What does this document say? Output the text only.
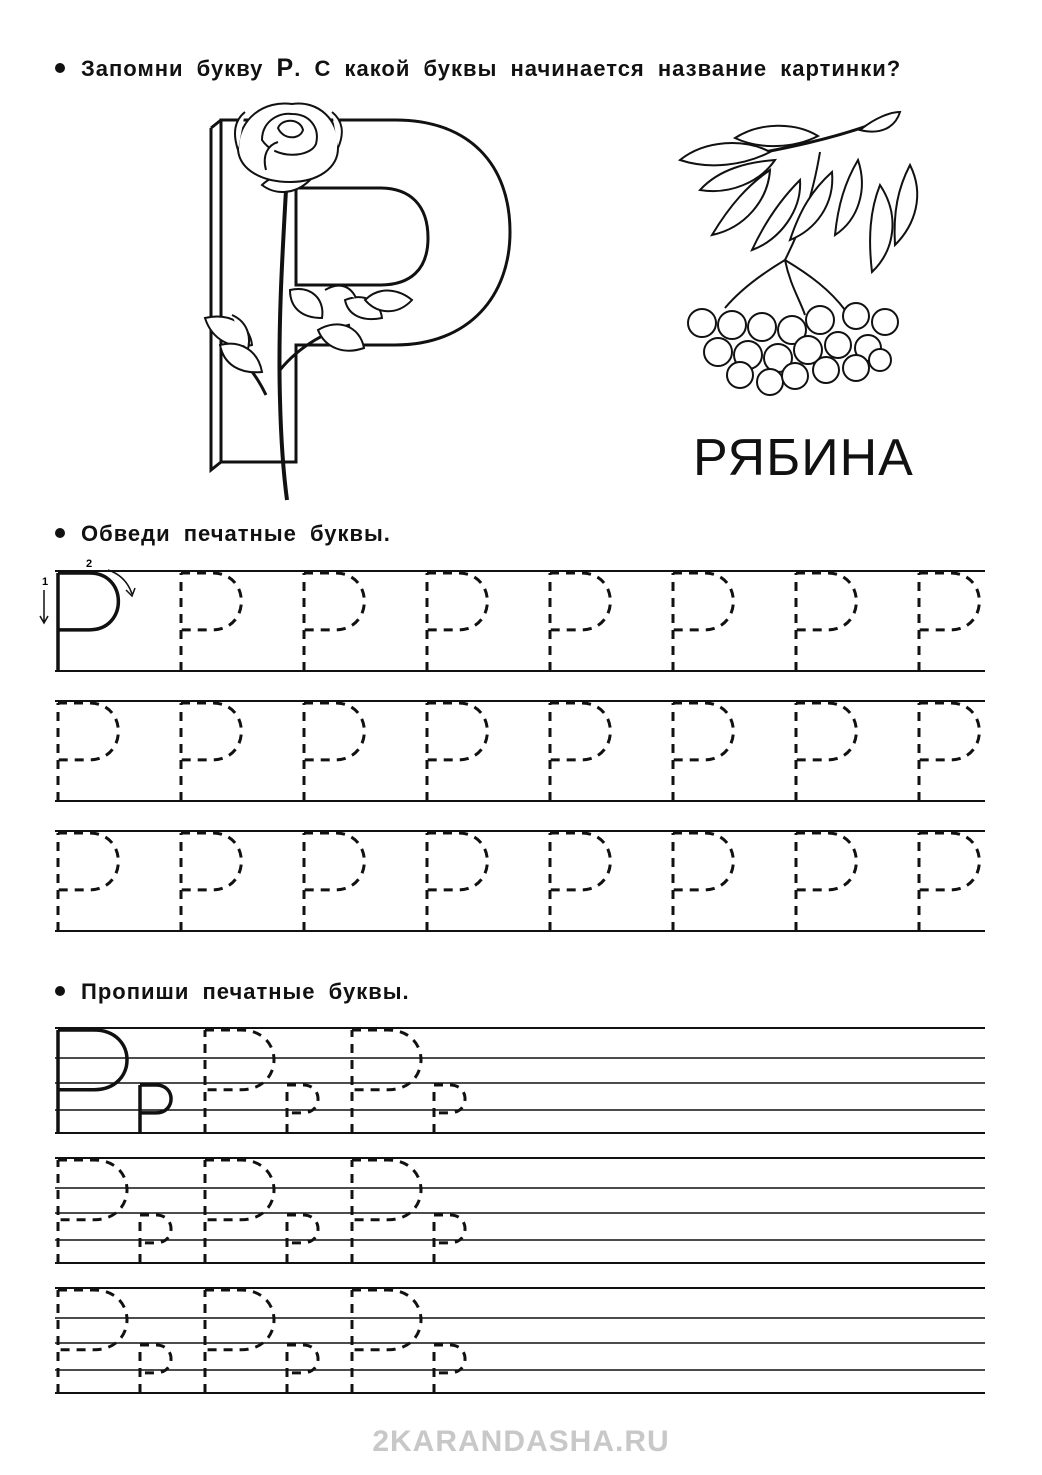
Запомни букву Р. С какой буквы начинается название картинки?
РЯБИНА
Обведи печатные буквы.
Пропиши печатные буквы.
1
2
2KARANDASHA.RU
